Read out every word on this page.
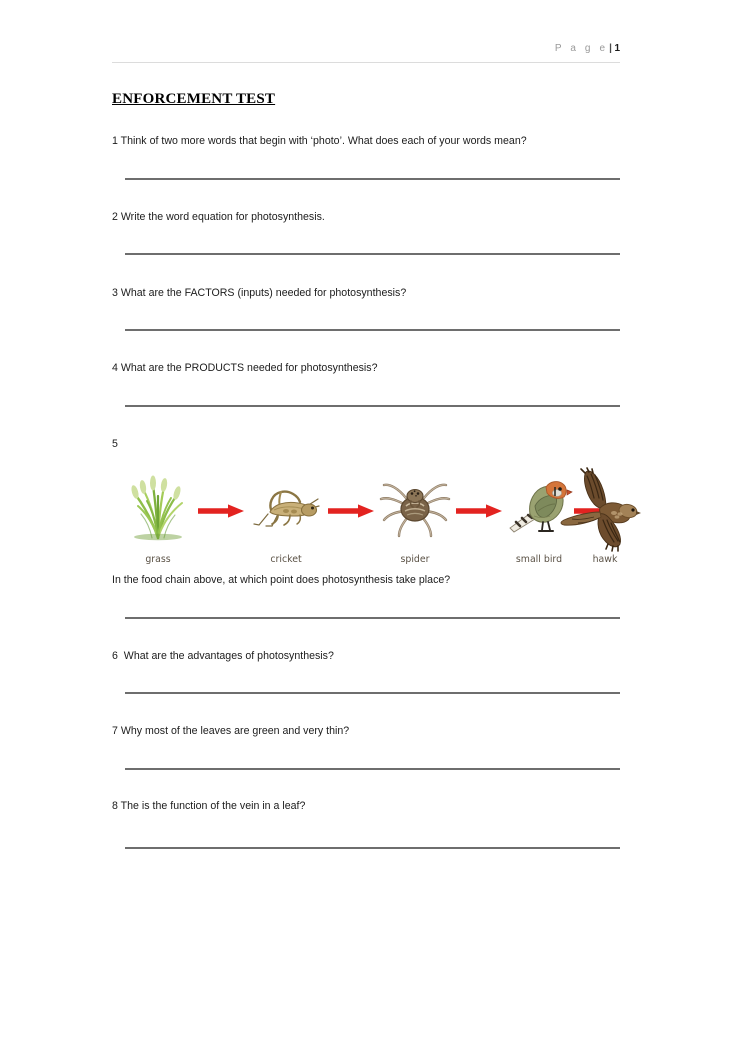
P a g e| 1
ENFORCEMENT TEST
1 Think of two more words that begin with ‘photo’. What does each of your words mean?
2 Write the word equation for photosynthesis.
3 What are the FACTORS (inputs) needed for photosynthesis?
4 What are the PRODUCTS needed for photosynthesis?
5
grass	cricket	spider	small bird	hawk
In the food chain above, at which point does photosynthesis take place?
6  What are the advantages of photosynthesis?
7 Why most of the leaves are green and very thin?
8 The is the function of the vein in a leaf?
